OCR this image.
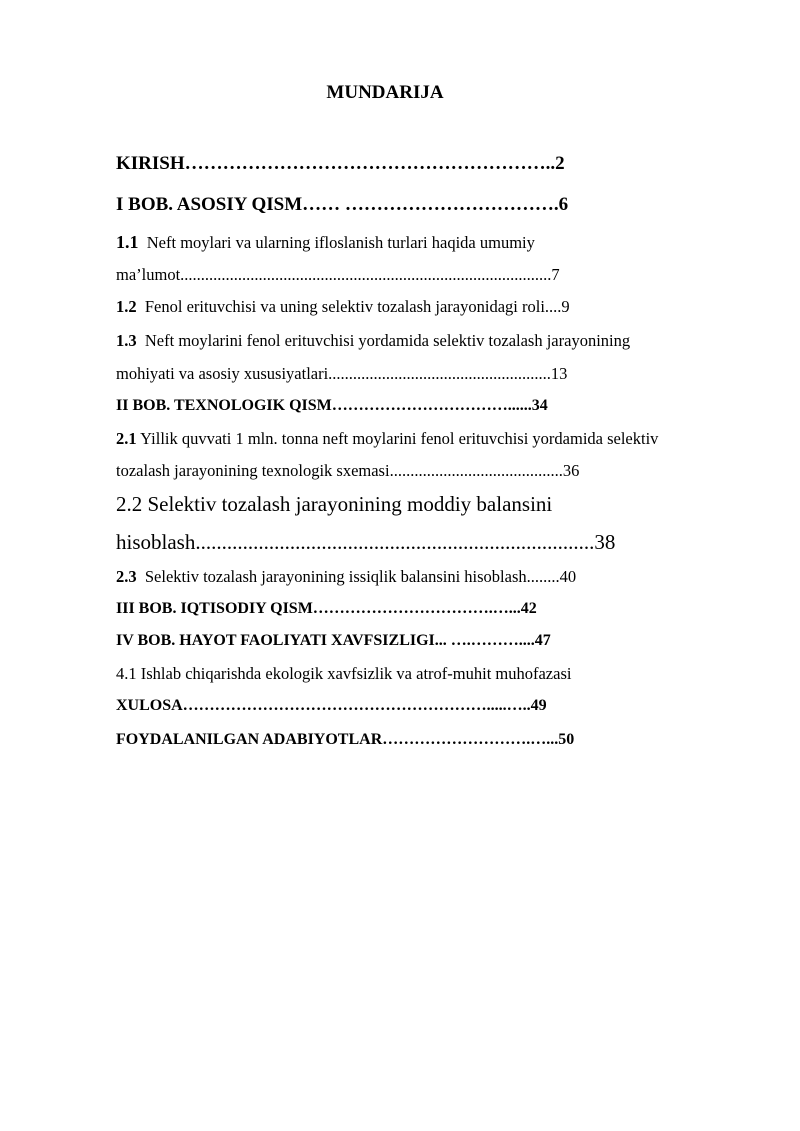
MUNDARIJA
KIRISH…………………………………………………..2
I BOB. ASOSIY QISM…… …………………………….6
1.1 Neft moylari va ularning ifloslanish turlari haqida umumiy
ma’lumot..........................................................................................7
1.2 Fenol erituvchisi va uning selektiv tozalash jarayonidagi roli....9
1.3 Neft moylarini fenol erituvchisi yordamida selektiv tozalash jarayonining
mohiyati va asosiy xususiyatlari......................................................13
II BOB. TEXNOLOGIK QISM……………………………......34
2.1 Yillik quvvati 1 mln. tonna neft moylarini fenol erituvchisi yordamida selektiv
tozalash jarayonining texnologik sxemasi..........................................36
2.2 Selektiv tozalash jarayonining moddiy balansini
hisoblash............................................................................38
2.3 Selektiv tozalash jarayonining issiqlik balansini hisoblash........40
III BOB. IQTISODIY QISM…………………………….…...42
IV BOB. HAYOT FAOLIYATI XAVFSIZLIGI... ….………....47
4.1 Ishlab chiqarishda ekologik xavfsizlik va atrof-muhit muhofazasi
XULOSA………………………………………………….....…..49
FOYDALANILGAN ADABIYOTLAR……………………….…...50
